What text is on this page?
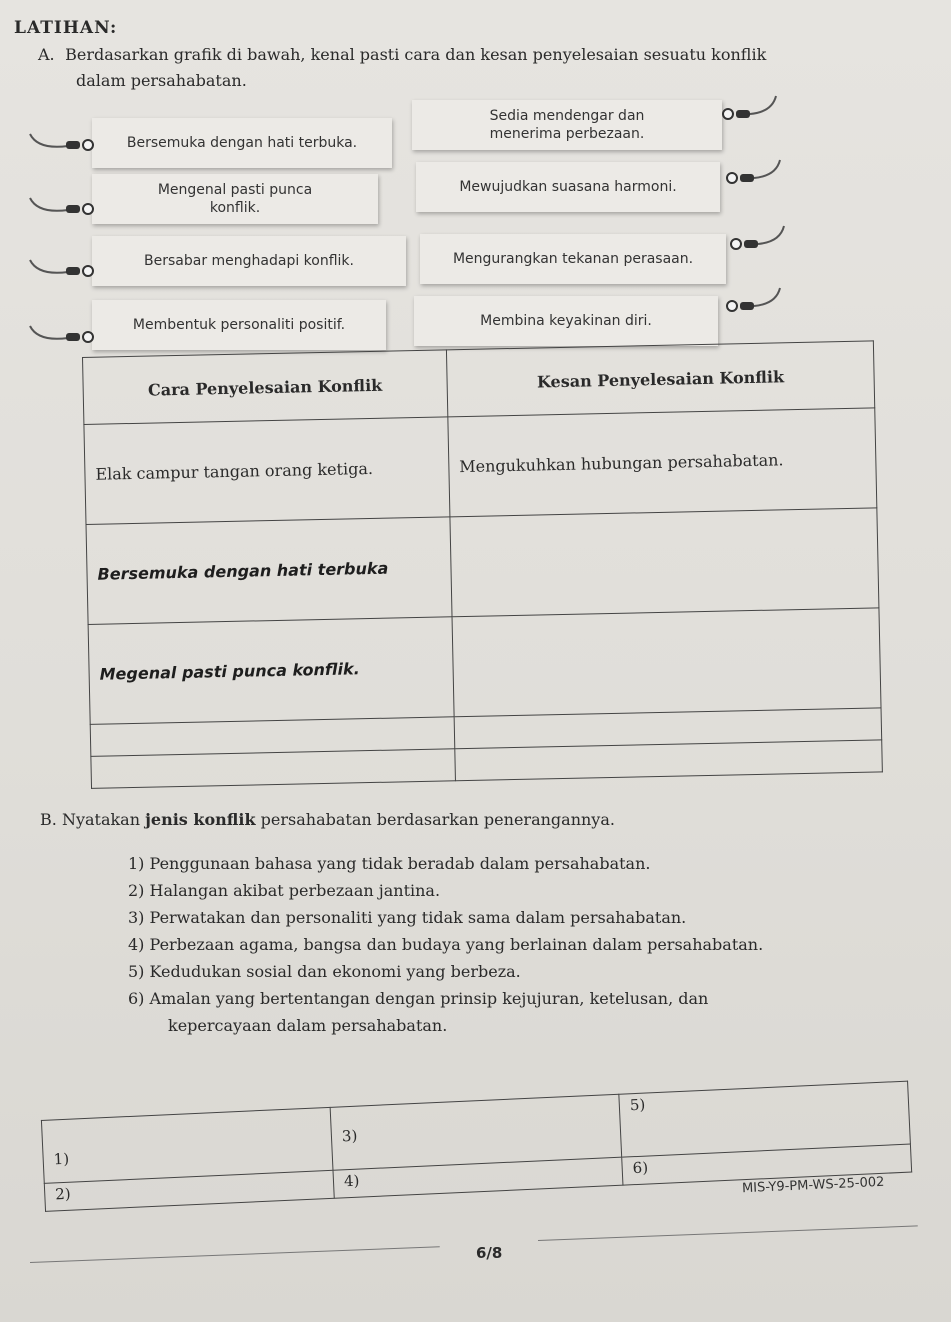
LATIHAN:
A. Berdasarkan grafik di bawah, kenal pasti cara dan kesan penyelesaian sesuatu konflik
dalam persahabatan.
Bersemuka dengan hati terbuka.
Mengenal pasti punca konflik.
Bersabar menghadapi konflik.
Membentuk personaliti positif.
Sedia mendengar dan menerima perbezaan.
Mewujudkan suasana harmoni.
Mengurangkan tekanan perasaan.
Membina keyakinan diri.
Cara Penyelesaian Konflik	Kesan Penyelesaian Konflik
Elak campur tangan orang ketiga.	Mengukuhkan hubungan persahabatan.
Bersemuka dengan hati terbuka	
Megenal pasti punca konflik.	

B. Nyatakan jenis konflik persahabatan berdasarkan penerangannya.
1) Penggunaan bahasa yang tidak beradab dalam persahabatan.
2) Halangan akibat perbezaan jantina.
3) Perwatakan dan personaliti yang tidak sama dalam persahabatan.
4) Perbezaan agama, bangsa dan budaya yang berlainan dalam persahabatan.
5) Kedudukan sosial dan ekonomi yang berbeza.
6) Amalan yang bertentangan dengan prinsip kejujuran, ketelusan, dan
kepercayaan dalam persahabatan.
1)	3)	5)
2)	4)	6)
MIS-Y9-PM-WS-25-002
6/8
